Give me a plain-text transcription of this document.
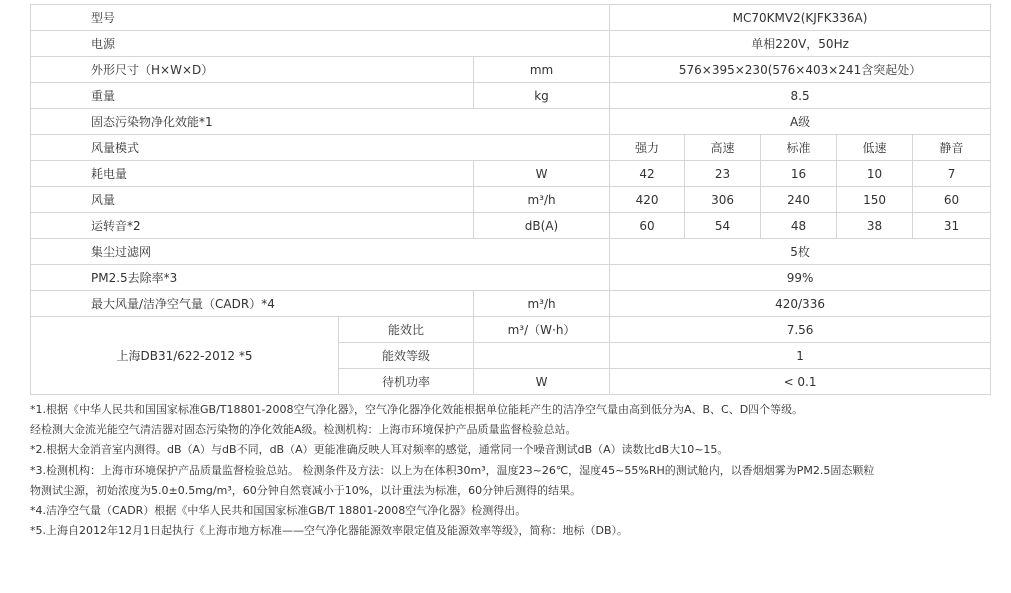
型号			MC70KMV2(KJFK336A)				
电源			单相220V，50Hz				
外形尺寸（H×W×D）		mm	576×395×230(576×403×241含突起处）				
重量		kg	8.5				
固态污染物净化效能*1			A级				
风量模式			强力	高速	标准	低速	静音
耗电量		W	42	23	16	10	7
风量		m³/h	420	306	240	150	60
运转音*2		dB(A)	60	54	48	38	31
集尘过滤网			5枚				
PM2.5去除率*3			99%				
最大风量/洁净空气量（CADR）*4		m³/h	420/336				
上海DB31/622-2012 *5	能效比	m³/（W·h）	7.56				
	能效等级		1				
	待机功率	W	< 0.1				

*1.根据《中华人民共和国国家标准GB/T18801-2008空气净化器》，空气净化器净化效能根据单位能耗产生的洁净空气量由高到低分为A、B、C、D四个等级。

经检测大金流光能空气清洁器对固态污染物的净化效能A级。检测机构：上海市环境保护产品质量监督检验总站。

*2.根据大金消音室内测得。dB（A）与dB不同，dB（A）更能准确反映人耳对频率的感觉，通常同一个噪音测试dB（A）读数比dB大10~15。

*3.检测机构：上海市环境保护产品质量监督检验总站。 检测条件及方法：以上为在体积30m³，温度23~26℃，湿度45~55%RH的测试舱内，以香烟烟雾为PM2.5固态颗粒

物测试尘源，初始浓度为5.0±0.5mg/m³，60分钟自然衰减小于10%，以计重法为标准，60分钟后测得的结果。

*4.洁净空气量（CADR）根据《中华人民共和国国家标准GB/T 18801-2008空气净化器》检测得出。

*5.上海自2012年12月1日起执行《上海市地方标准——空气净化器能源效率限定值及能源效率等级》，简称：地标（DB）。
